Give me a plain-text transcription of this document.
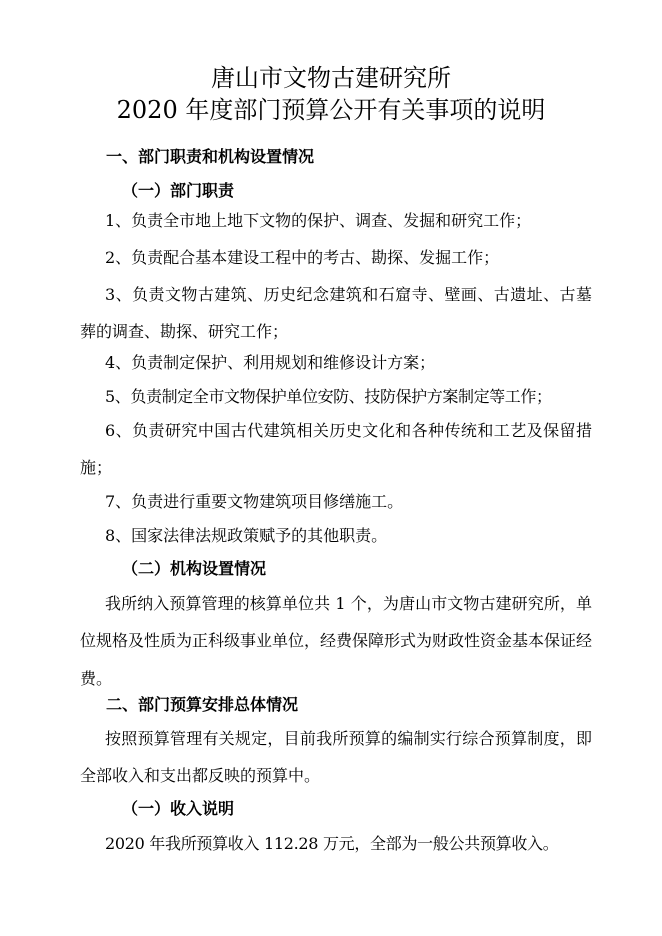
唐山市文物古建研究所
2020 年度部门预算公开有关事项的说明
一、部门职责和机构设置情况
（一）部门职责
1、负责全市地上地下文物的保护、调查、发掘和研究工作；
2、负责配合基本建设工程中的考古、勘探、发掘工作；
3、负责文物古建筑、历史纪念建筑和石窟寺、壁画、古遗址、古墓葬的调查、勘探、研究工作；
4、负责制定保护、利用规划和维修设计方案；
5、负责制定全市文物保护单位安防、技防保护方案制定等工作；
6、负责研究中国古代建筑相关历史文化和各种传统和工艺及保留措施；
7、负责进行重要文物建筑项目修缮施工。
8、国家法律法规政策赋予的其他职责。
（二）机构设置情况
我所纳入预算管理的核算单位共 1 个，为唐山市文物古建研究所，单位规格及性质为正科级事业单位，经费保障形式为财政性资金基本保证经费。
二、部门预算安排总体情况
按照预算管理有关规定，目前我所预算的编制实行综合预算制度，即全部收入和支出都反映的预算中。
（一）收入说明
2020 年我所预算收入 112.28 万元，全部为一般公共预算收入。
